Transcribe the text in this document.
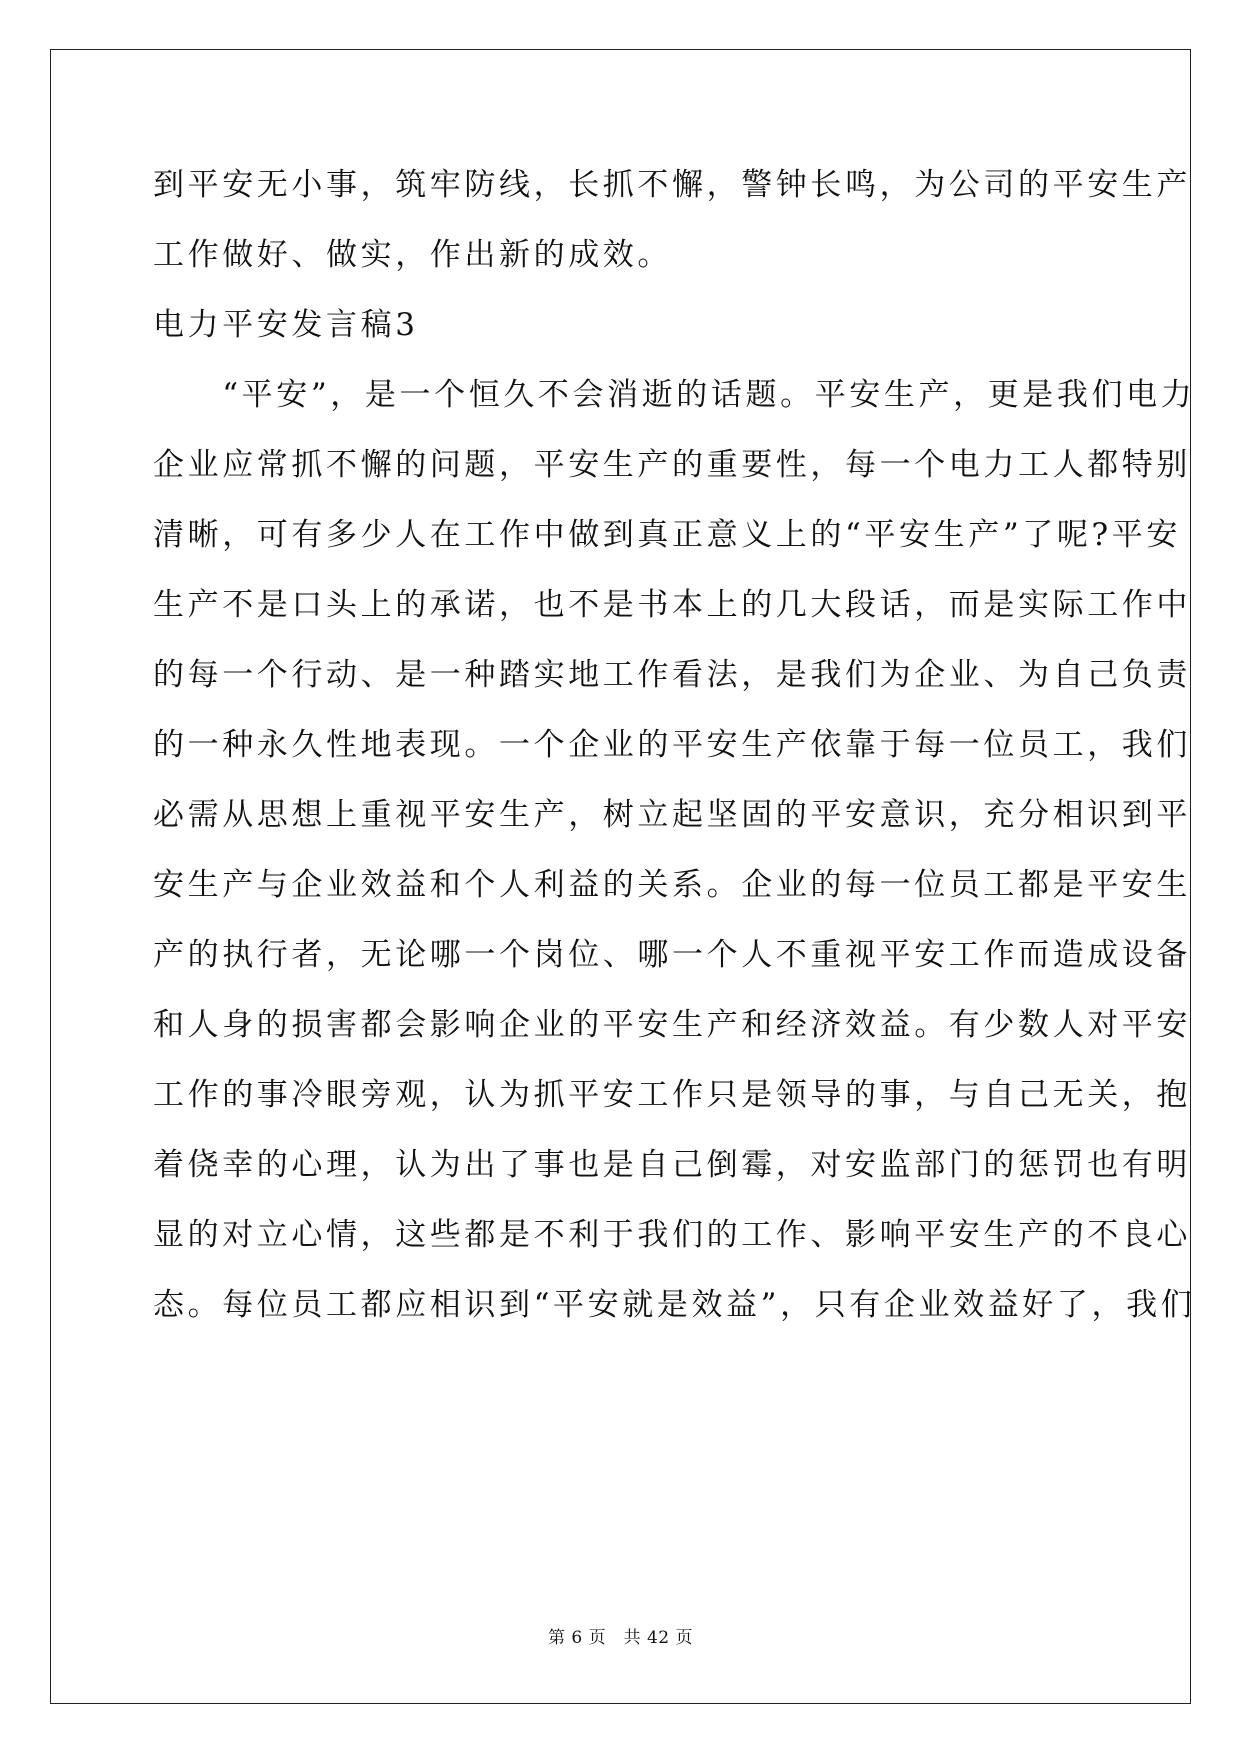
到平安无小事，筑牢防线，长抓不懈，警钟长鸣，为公司的平安生产
工作做好、做实，作出新的成效。
电力平安发言稿3
　　“平安”，是一个恒久不会消逝的话题。平安生产，更是我们电力
企业应常抓不懈的问题，平安生产的重要性，每一个电力工人都特别
清晰，可有多少人在工作中做到真正意义上的“平安生产”了呢?平安
生产不是口头上的承诺，也不是书本上的几大段话，而是实际工作中
的每一个行动、是一种踏实地工作看法，是我们为企业、为自己负责
的一种永久性地表现。一个企业的平安生产依靠于每一位员工，我们
必需从思想上重视平安生产，树立起坚固的平安意识，充分相识到平
安生产与企业效益和个人利益的关系。企业的每一位员工都是平安生
产的执行者，无论哪一个岗位、哪一个人不重视平安工作而造成设备
和人身的损害都会影响企业的平安生产和经济效益。有少数人对平安
工作的事冷眼旁观，认为抓平安工作只是领导的事，与自己无关，抱
着侥幸的心理，认为出了事也是自己倒霉，对安监部门的惩罚也有明
显的对立心情，这些都是不利于我们的工作、影响平安生产的不良心
态。每位员工都应相识到“平安就是效益”，只有企业效益好了，我们
第 6 页　共 42 页
